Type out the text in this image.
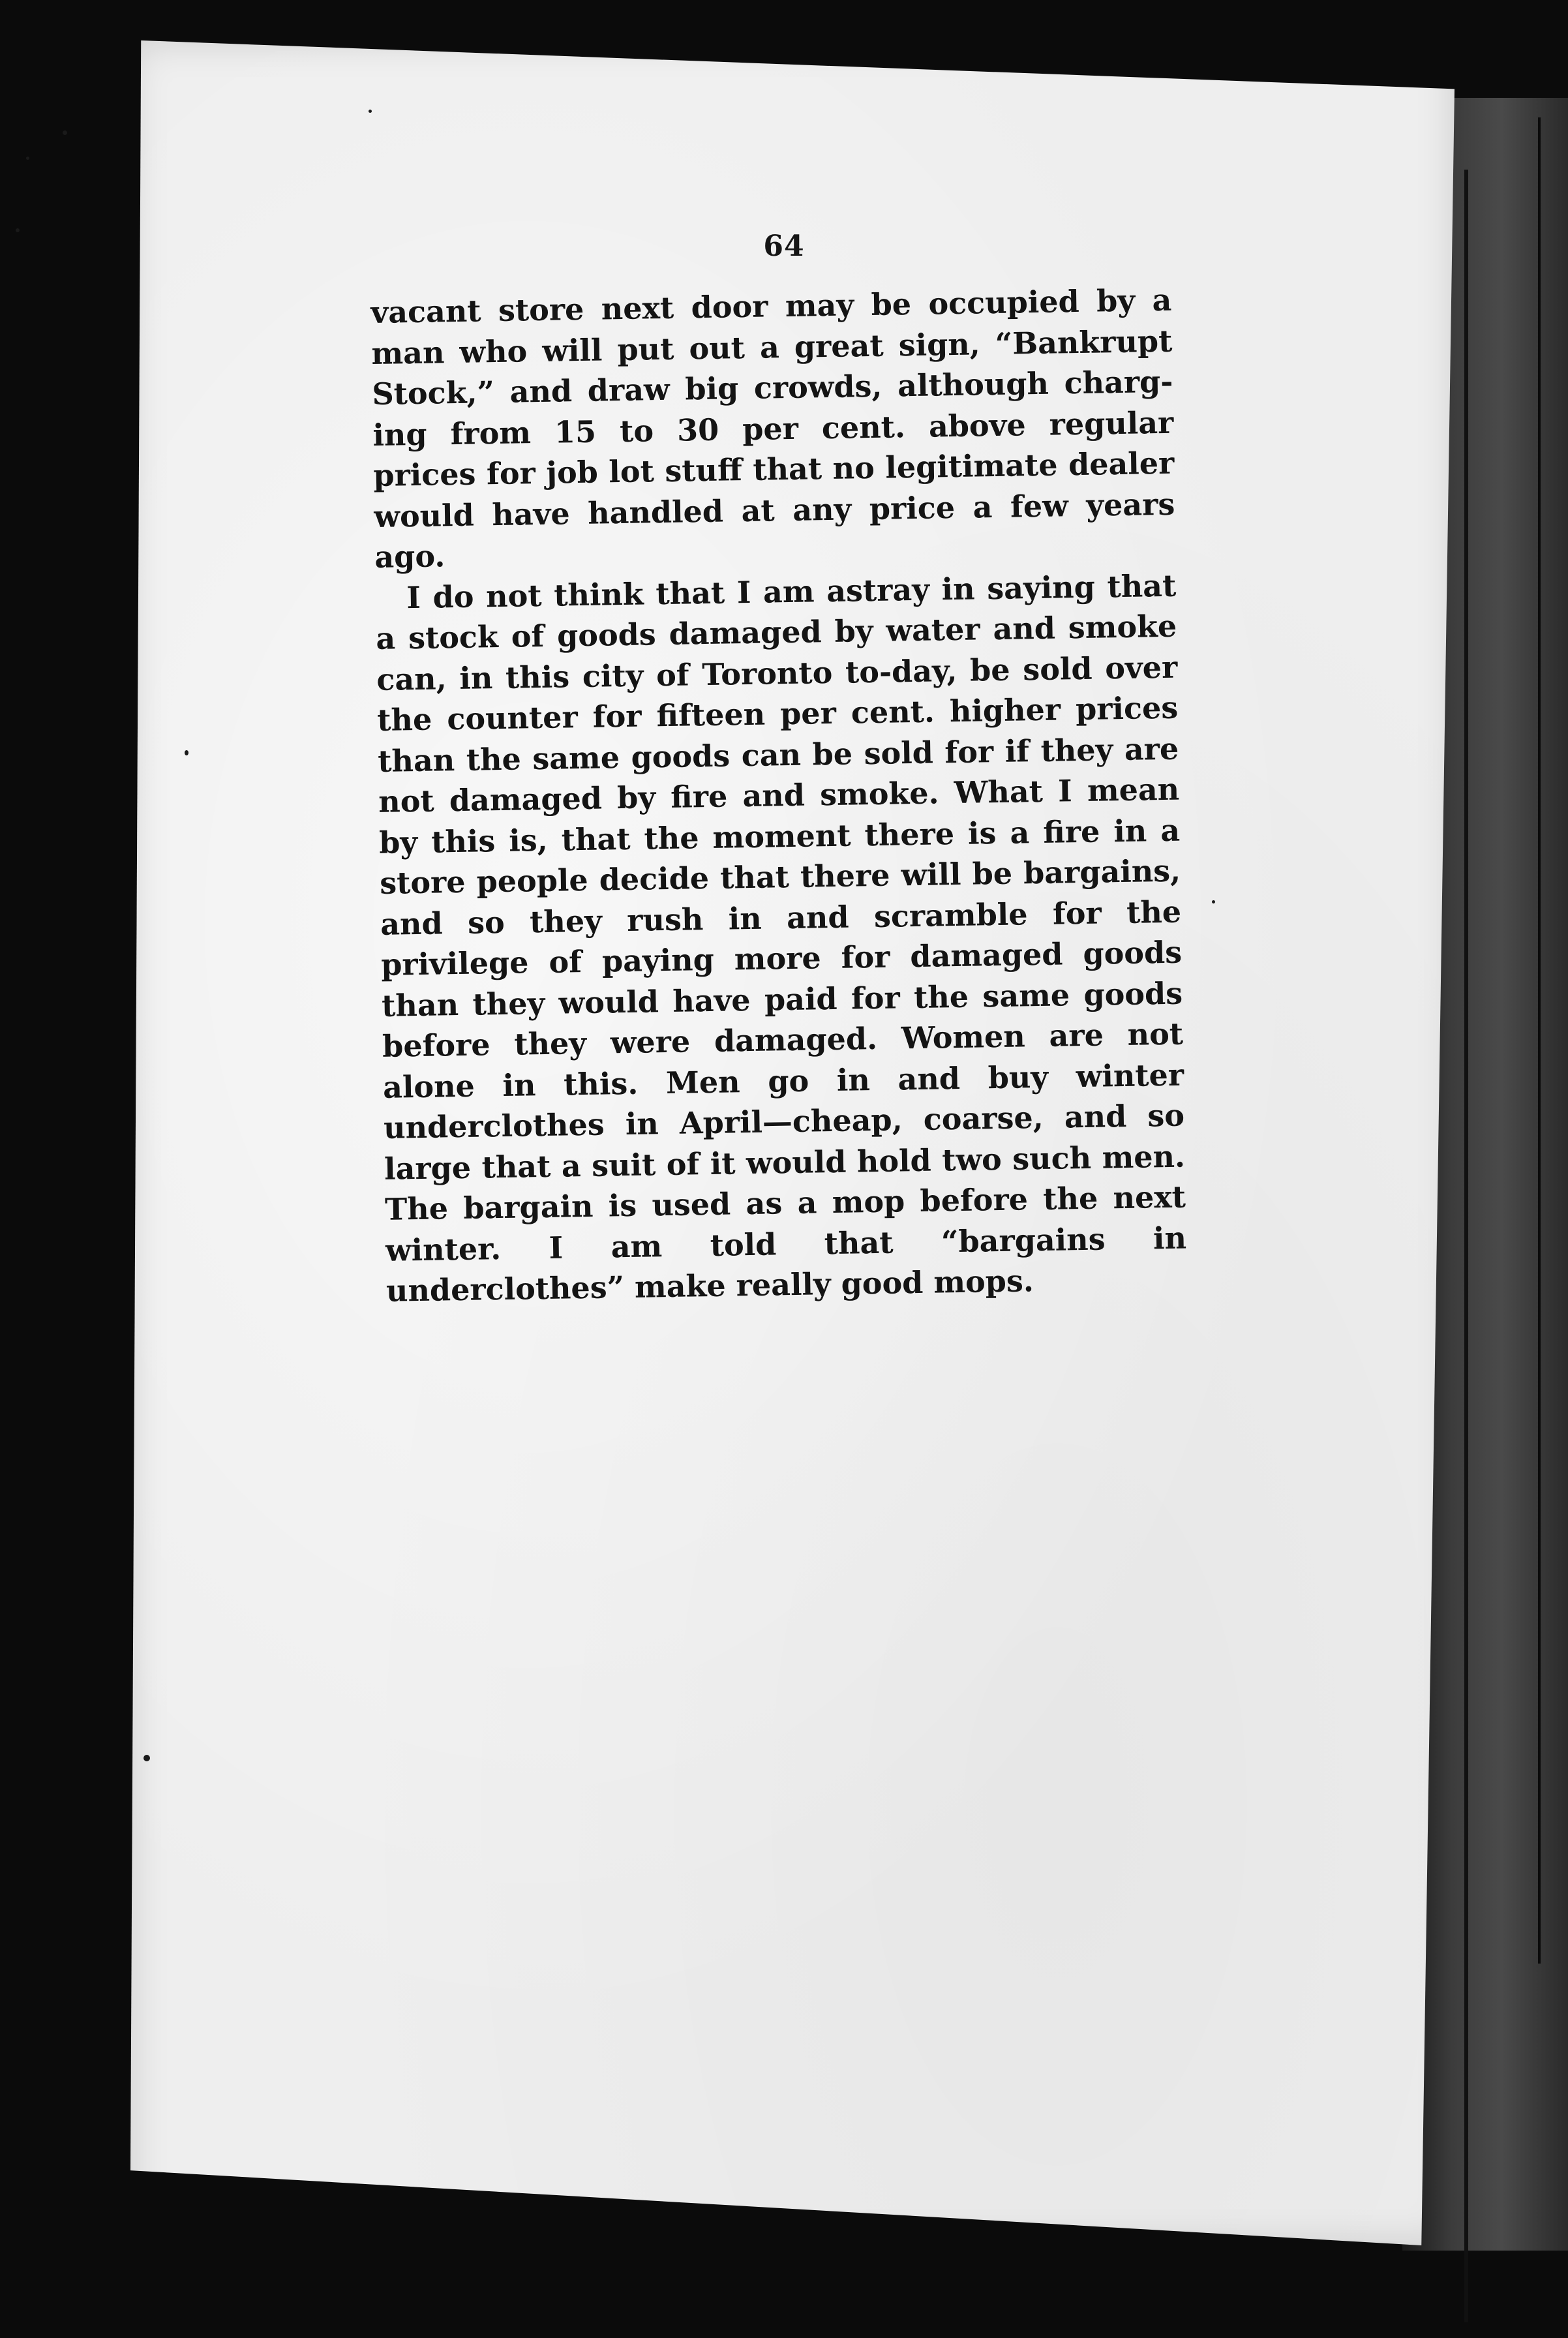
64

vacant store next door may be occupied by a man who will put out a great sign, “Bankrupt Stock,” and draw big crowds, although charg-ing from 15 to 30 per cent. above regular prices for job lot stuff that no legitimate dealer would have handled at any price a few years ago.

I do not think that I am astray in saying that a stock of goods damaged by water and smoke can, in this city of Toronto to-day, be sold over the counter for fifteen per cent. higher prices than the same goods can be sold for if they are not damaged by fire and smoke. What I mean by this is, that the moment there is a fire in a store people decide that there will be bargains, and so they rush in and scramble for the privilege of paying more for damaged goods than they would have paid for the same goods before they were damaged. Women are not alone in this. Men go in and buy winter underclothes in April—cheap, coarse, and so large that a suit of it would hold two such men. The bargain is used as a mop before the next winter. I am told that “bargains in underclothes” make really good mops.
